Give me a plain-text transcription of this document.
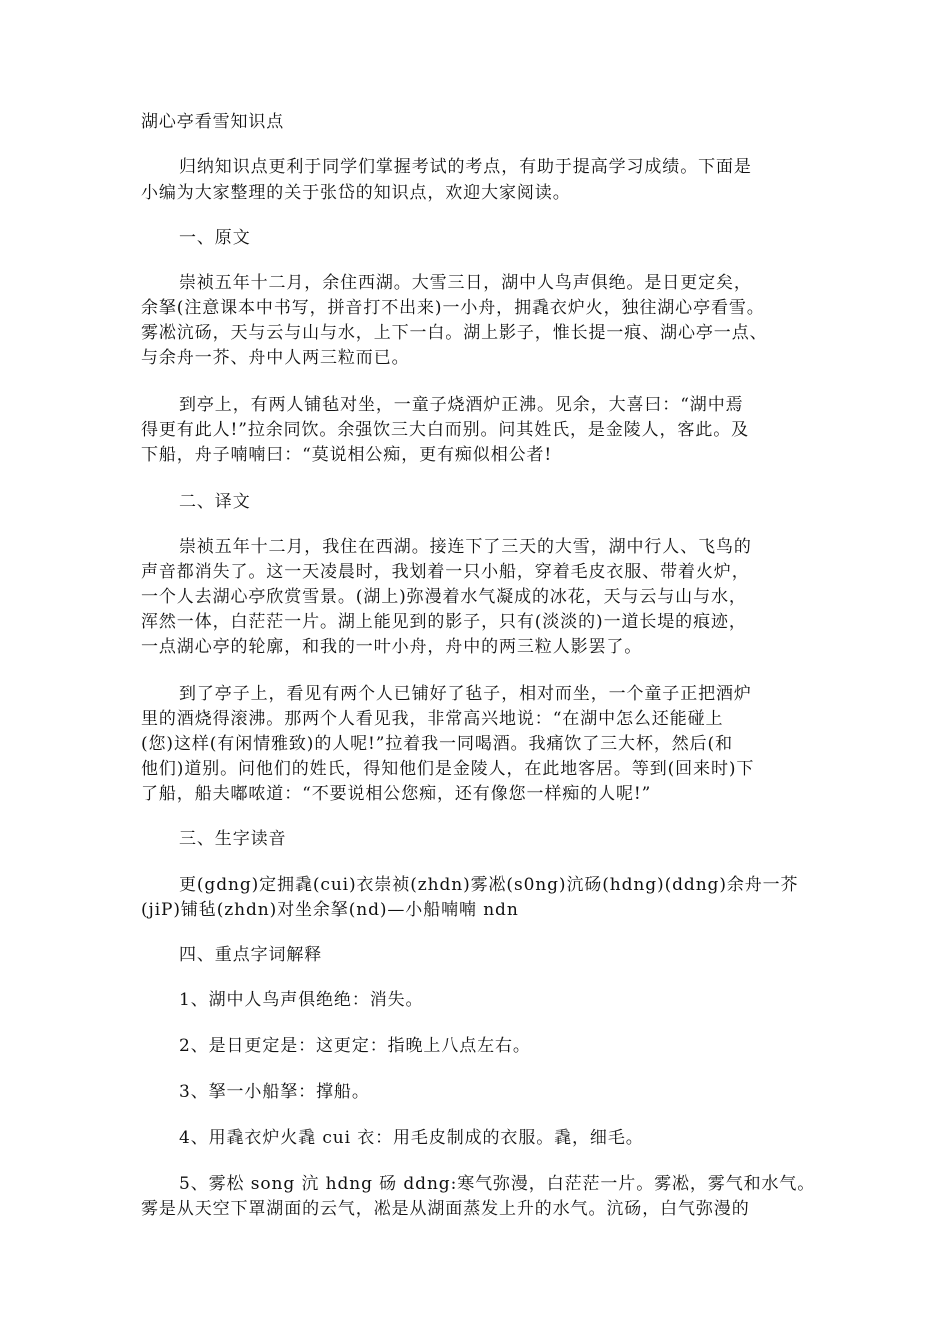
湖心亭看雪知识点
归纳知识点更利于同学们掌握考试的考点，有助于提高学习成绩。下面是
小编为大家整理的关于张岱的知识点，欢迎大家阅读。
一、原文
崇祯五年十二月，余住西湖。大雪三日，湖中人鸟声俱绝。是日更定矣，
余拏(注意课本中书写，拼音打不出来)一小舟，拥毳衣炉火，独往湖心亭看雪。
雾凇沆砀，天与云与山与水，上下一白。湖上影子，惟长提一痕、湖心亭一点、
与余舟一芥、舟中人两三粒而已。
到亭上，有两人铺毡对坐，一童子烧酒炉正沸。见余，大喜曰：“湖中焉
得更有此人!”拉余同饮。余强饮三大白而别。问其姓氏，是金陵人，客此。及
下船，舟子喃喃曰：“莫说相公痴，更有痴似相公者!
二、译文
崇祯五年十二月，我住在西湖。接连下了三天的大雪，湖中行人、飞鸟的
声音都消失了。这一天凌晨时，我划着一只小船，穿着毛皮衣服、带着火炉，
一个人去湖心亭欣赏雪景。(湖上)弥漫着水气凝成的冰花，天与云与山与水，
浑然一体，白茫茫一片。湖上能见到的影子，只有(淡淡的)一道长堤的痕迹，
一点湖心亭的轮廓，和我的一叶小舟，舟中的两三粒人影罢了。
到了亭子上，看见有两个人已铺好了毡子，相对而坐，一个童子正把酒炉
里的酒烧得滚沸。那两个人看见我，非常高兴地说：“在湖中怎么还能碰上
(您)这样(有闲情雅致)的人呢!”拉着我一同喝酒。我痛饮了三大杯，然后(和
他们)道别。问他们的姓氏，得知他们是金陵人，在此地客居。等到(回来时)下
了船，船夫嘟哝道：“不要说相公您痴，还有像您一样痴的人呢!”
三、生字读音
更(gdng)定拥毳(cui)衣崇祯(zhdn)雾凇(s0ng)沆砀(hdng)(ddng)余舟一芥
(jiP)铺毡(zhdn)对坐余拏(nd)—小船喃喃 ndn
四、重点字词解释
1、湖中人鸟声俱绝绝：消失。
2、是日更定是：这更定：指晚上八点左右。
3、拏一小船拏：撑船。
4、用毳衣炉火毳 cui 衣：用毛皮制成的衣服。毳，细毛。
5、雾松 song 沆 hdng 砀 ddng:寒气弥漫，白茫茫一片。雾凇，雾气和水气。
雾是从天空下罩湖面的云气，凇是从湖面蒸发上升的水气。沆砀，白气弥漫的
